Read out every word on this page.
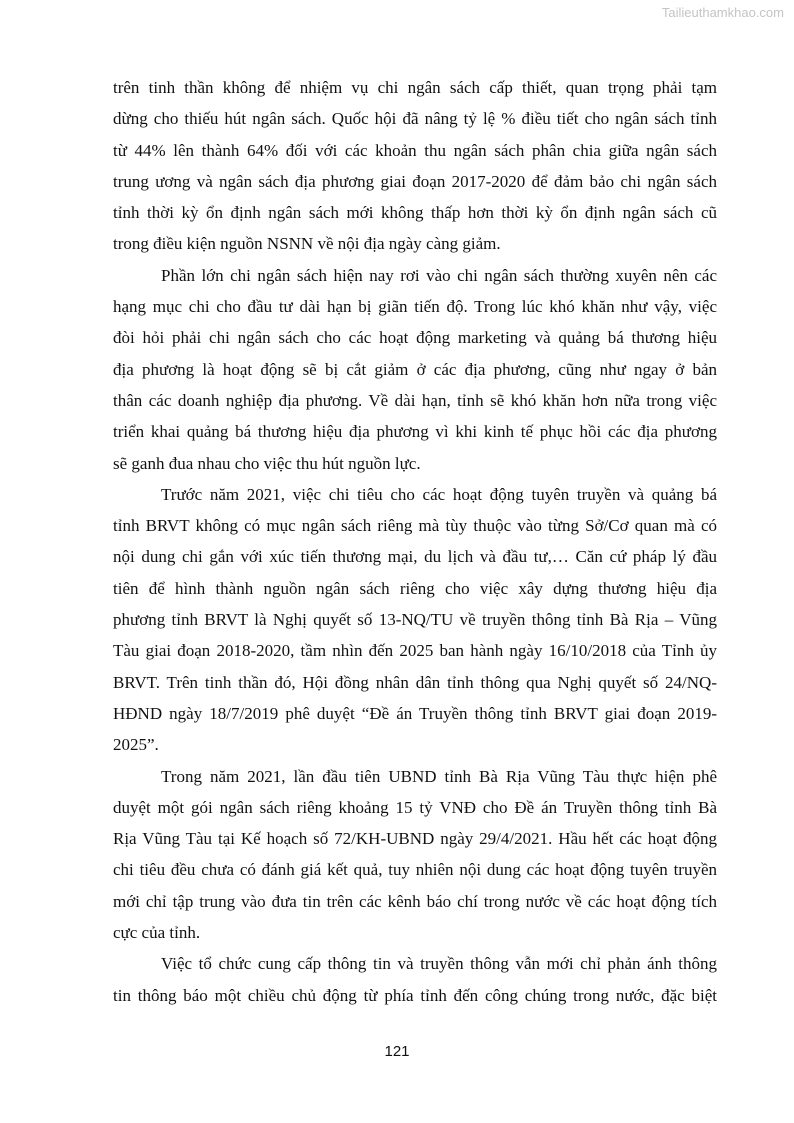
Tailieuthamkhao.com
trên tinh thần không để nhiệm vụ chi ngân sách cấp thiết, quan trọng phải tạm
dừng cho thiếu hút ngân sách. Quốc hội đã nâng tỷ lệ % điều tiết cho ngân sách tỉnh
từ 44% lên thành 64% đối với các khoản thu ngân sách phân chia giữa ngân sách
trung ương và ngân sách địa phương giai đoạn 2017-2020 để đảm bảo chi ngân sách
tỉnh thời kỳ ổn định ngân sách mới không thấp hơn thời kỳ ổn định ngân sách cũ
trong điều kiện nguồn NSNN về nội địa ngày càng giảm.
Phần lớn chi ngân sách hiện nay rơi vào chi ngân sách thường xuyên nên các
hạng mục chi cho đầu tư dài hạn bị giãn tiến độ. Trong lúc khó khăn như vậy, việc
đòi hỏi phải chi ngân sách cho các hoạt động marketing và quảng bá thương hiệu
địa phương là hoạt động sẽ bị cắt giảm ở các địa phương, cũng như ngay ở bản
thân các doanh nghiệp địa phương. Về dài hạn, tỉnh sẽ khó khăn hơn nữa trong việc
triển khai quảng bá thương hiệu địa phương vì khi kinh tế phục hồi các địa phương
sẽ ganh đua nhau cho việc thu hút nguồn lực.
Trước năm 2021, việc chi tiêu cho các hoạt động tuyên truyền và quảng bá
tỉnh BRVT không có mục ngân sách riêng mà tùy thuộc vào từng Sở/Cơ quan mà có
nội dung chi gắn với xúc tiến thương mại, du lịch và đầu tư,… Căn cứ pháp lý đầu
tiên để hình thành nguồn ngân sách riêng cho việc xây dựng thương hiệu địa
phương tỉnh BRVT là Nghị quyết số 13-NQ/TU về truyền thông tỉnh Bà Rịa – Vũng
Tàu giai đoạn 2018-2020, tầm nhìn đến 2025 ban hành ngày 16/10/2018 của Tỉnh ủy
BRVT. Trên tinh thần đó, Hội đồng nhân dân tỉnh thông qua Nghị quyết số 24/NQ-
HĐND ngày 18/7/2019 phê duyệt “Đề án Truyền thông tỉnh BRVT giai đoạn 2019-
2025”.
Trong năm 2021, lần đầu tiên UBND tỉnh Bà Rịa Vũng Tàu thực hiện phê
duyệt một gói ngân sách riêng khoảng 15 tỷ VNĐ cho Đề án Truyền thông tỉnh Bà
Rịa Vũng Tàu tại Kế hoạch số 72/KH-UBND ngày 29/4/2021. Hầu hết các hoạt động
chi tiêu đều chưa có đánh giá kết quả, tuy nhiên nội dung các hoạt động tuyên truyền
mới chỉ tập trung vào đưa tin trên các kênh báo chí trong nước về các hoạt động tích
cực của tỉnh.
Việc tổ chức cung cấp thông tin và truyền thông vẫn mới chỉ phản ánh thông
tin thông báo một chiều chủ động từ phía tỉnh đến công chúng trong nước, đặc biệt
121
